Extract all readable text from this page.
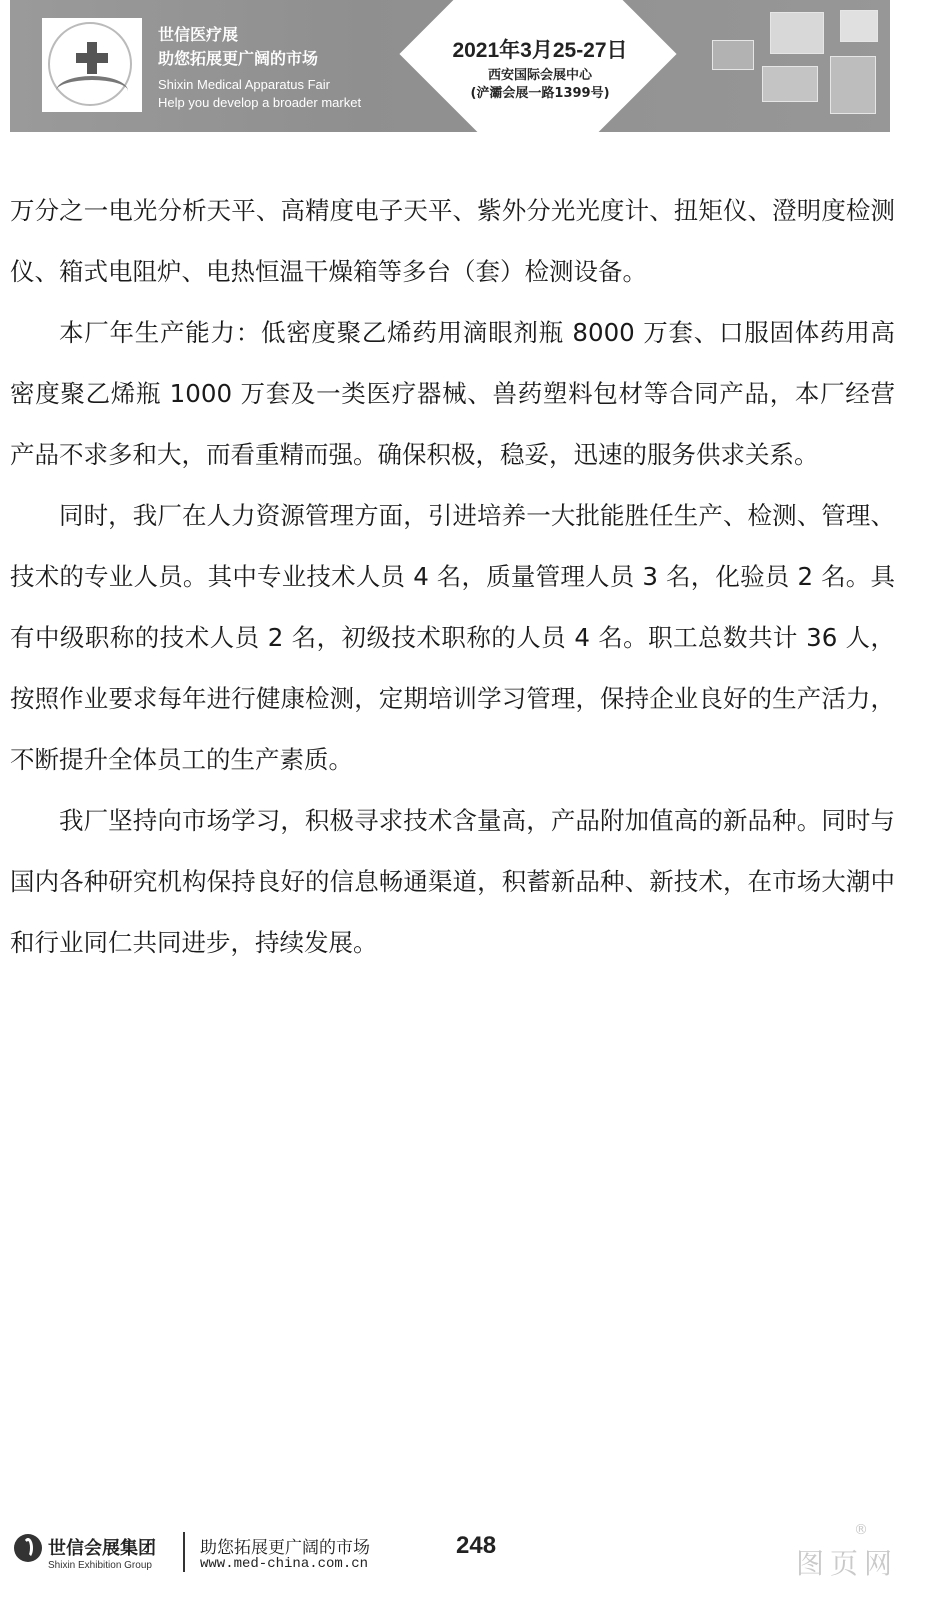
世信医疗展
助您拓展更广阔的市场
Shixin Medical Apparatus Fair
Help you develop a broader market
2021年3月25-27日
西安国际会展中心
(浐灞会展一路1399号)

万分之一电光分析天平、高精度电子天平、紫外分光光度计、扭矩仪、澄明度检测仪、箱式电阻炉、电热恒温干燥箱等多台（套）检测设备。

本厂年生产能力：低密度聚乙烯药用滴眼剂瓶 8000 万套、口服固体药用高密度聚乙烯瓶 1000 万套及一类医疗器械、兽药塑料包材等合同产品，本厂经营产品不求多和大，而看重精而强。确保积极，稳妥，迅速的服务供求关系。

同时，我厂在人力资源管理方面，引进培养一大批能胜任生产、检测、管理、技术的专业人员。其中专业技术人员 4 名，质量管理人员 3 名，化验员 2 名。具有中级职称的技术人员 2 名，初级技术职称的人员 4 名。职工总数共计 36 人，按照作业要求每年进行健康检测，定期培训学习管理，保持企业良好的生产活力，不断提升全体员工的生产素质。

我厂坚持向市场学习，积极寻求技术含量高，产品附加值高的新品种。同时与国内各种研究机构保持良好的信息畅通渠道，积蓄新品种、新技术，在市场大潮中和行业同仁共同进步，持续发展。

世信会展集团
Shixin Exhibition Group
助您拓展更广阔的市场
www.med-china.com.cn
248
图页网
®
